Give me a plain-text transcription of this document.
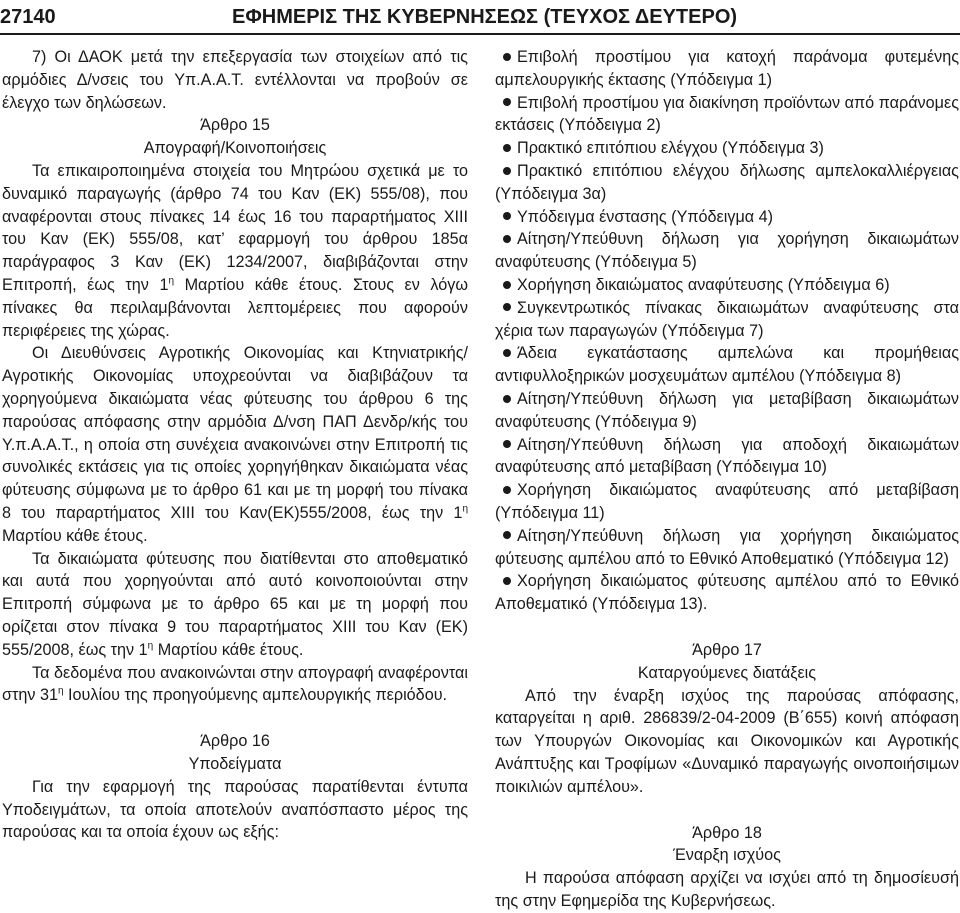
27140	ΕΦΗΜΕΡΙΣ ΤΗΣ ΚΥΒΕΡΝΗΣΕΩΣ (ΤΕΥΧΟΣ ΔΕΥΤΕΡΟ)

7) Οι ΔΑΟΚ μετά την επεξεργασία των στοιχείων από τις αρμόδιες Δ/νσεις του Υπ.Α.Α.Τ. εντέλλονται να προβούν σε έλεγχο των δηλώσεων.

Άρθρο 15

Απογραφή/Κοινοποιήσεις

Τα επικαιροποιημένα στοιχεία του Μητρώου σχετικά με το δυναμικό παραγωγής (άρθρο 74 του Καν (ΕΚ) 555/08), που αναφέρονται στους πίνακες 14 έως 16 του παραρτήματος XIII του Καν (ΕΚ) 555/08, κατ’ εφαρμογή του άρθρου 185α παράγραφος 3 Καν (ΕΚ) 1234/2007, διαβιβάζονται στην Επιτροπή, έως την $1^\eta$ Μαρτίου κάθε έτους. Στους εν λόγω πίνακες θα περιλαμβάνονται λεπτομέρειες που αφορούν περιφέρειες της χώρας.

Οι Διευθύνσεις Αγροτικής Οικονομίας και Κτηνιατρικής/ Αγροτικής Οικονομίας υποχρεούνται να διαβιβάζουν τα χορηγούμενα δικαιώματα νέας φύτευσης του άρθρου 6 της παρούσας απόφασης στην αρμόδια Δ/νση ΠΑΠ Δενδρ/κής του Υ.π.Α.Α.Τ., η οποία στη συνέχεια ανακοινώνει στην Επιτροπή τις συνολικές εκτάσεις για τις οποίες χορηγήθηκαν δικαιώματα νέας φύτευσης σύμφωνα με το άρθρο 61 και με τη μορφή του πίνακα 8 του παραρτήματος XIII του Καν(ΕΚ)555/2008, έως την $1^\eta$ Μαρτίου κάθε έτους.

Τα δικαιώματα φύτευσης που διατίθενται στο αποθεματικό και αυτά που χορηγούνται από αυτό κοινοποιούνται στην Επιτροπή σύμφωνα με το άρθρο 65 και με τη μορφή που ορίζεται στον πίνακα 9 του παραρτήματος XIII του Καν (ΕΚ) 555/2008, έως την $1^\eta$ Μαρτίου κάθε έτους.

Τα δεδομένα που ανακοινώνται στην απογραφή αναφέρονται στην $31^\eta$ Ιουλίου της προηγούμενης αμπελουργικής περιόδου.

Άρθρο 16

Υποδείγματα

Για την εφαρμογή της παρούσας παρατίθενται έντυπα Υποδειγμάτων, τα οποία αποτελούν αναπόσπαστο μέρος της παρούσας και τα οποία έχουν ως εξής:

Επιβολή προστίμου για κατοχή παράνομα φυτεμένης αμπελουργικής έκτασης (Υπόδειγμα 1)

Επιβολή προστίμου για διακίνηση προϊόντων από παράνομες εκτάσεις (Υπόδειγμα 2)

Πρακτικό επιτόπιου ελέγχου (Υπόδειγμα 3)

Πρακτικό επιτόπιου ελέγχου δήλωσης αμπελοκαλλιέργειας (Υπόδειγμα 3α)

Υπόδειγμα ένστασης (Υπόδειγμα 4)

Αίτηση/Υπεύθυνη δήλωση για χορήγηση δικαιωμάτων αναφύτευσης (Υπόδειγμα 5)

Χορήγηση δικαιώματος αναφύτευσης (Υπόδειγμα 6)

Συγκεντρωτικός πίνακας δικαιωμάτων αναφύτευσης στα χέρια των παραγωγών (Υπόδειγμα 7)

Άδεια εγκατάστασης αμπελώνα και προμήθειας αντιφυλλοξηρικών μοσχευμάτων αμπέλου (Υπόδειγμα 8)

Αίτηση/Υπεύθυνη δήλωση για μεταβίβαση δικαιωμάτων αναφύτευσης (Υπόδειγμα 9)

Αίτηση/Υπεύθυνη δήλωση για αποδοχή δικαιωμάτων αναφύτευσης από μεταβίβαση (Υπόδειγμα 10)

Χορήγηση δικαιώματος αναφύτευσης από μεταβίβαση (Υπόδειγμα 11)

Αίτηση/Υπεύθυνη δήλωση για χορήγηση δικαιώματος φύτευσης αμπέλου από το Εθνικό Αποθεματικό (Υπόδειγμα 12)

Χορήγηση δικαιώματος φύτευσης αμπέλου από το Εθνικό Αποθεματικό (Υπόδειγμα 13).

Άρθρο 17

Καταργούμενες διατάξεις

Από την έναρξη ισχύος της παρούσας απόφασης, καταργείται η αριθ. 286839/2-04-2009 (Β΄655) κοινή απόφαση των Υπουργών Οικονομίας και Οικονομικών και Αγροτικής Ανάπτυξης και Τροφίμων «Δυναμικό παραγωγής οινοποιήσιμων ποικιλιών αμπέλου».

Άρθρο 18

Έναρξη ισχύος

Η παρούσα απόφαση αρχίζει να ισχύει από τη δημοσίευσή της στην Εφημερίδα της Κυβερνήσεως.
